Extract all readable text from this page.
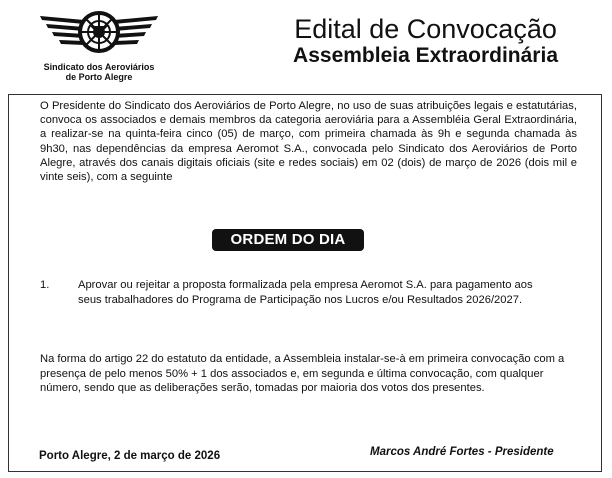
Sindicato dos Aeroviários
de Porto Alegre
Edital de Convocação
Assembleia Extraordinária
O Presidente do Sindicato dos Aeroviários de Porto Alegre, no uso de suas atribuições legais e estatutárias, convoca os associados e demais membros da categoria aeroviária para a Assembléia Geral Extraordinária, a realizar-se na quinta-feira cinco (05) de março, com primeira chamada às 9h e segunda chamada às 9h30, nas dependências da empresa Aeromot S.A., convocada pelo Sindicato dos Aeroviários de Porto Alegre, através dos canais digitais oficiais (site e redes sociais) em 02 (dois) de março de 2026 (dois mil e vinte seis), com a seguinte
ORDEM DO DIA
1.	Aprovar ou rejeitar a proposta formalizada pela empresa Aeromot S.A. para pagamento aos seus trabalhadores do Programa de Participação nos Lucros e/ou Resultados 2026/2027.
Na forma do artigo 22 do estatuto da entidade, a Assembleia instalar-se-à em primeira convocação com a presença de pelo menos 50% + 1 dos associados e, em segunda e última convocação, com qualquer número, sendo que as deliberações serão, tomadas por maioria dos votos dos presentes.
Porto Alegre, 2 de março de 2026	Marcos André Fortes - Presidente
